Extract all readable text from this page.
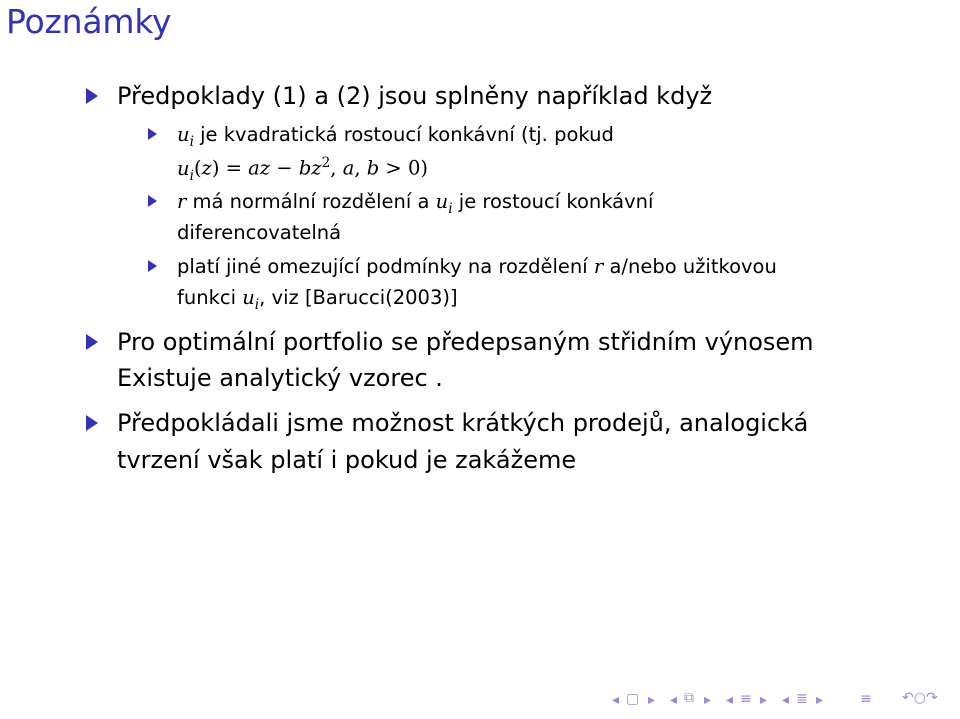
Poznámky
Předpoklady (1) a (2) jsou splněny například když
$u_i$ je kvadratická rostoucí konkávní (tj. pokud
$u_i(z)$ = az − $bz^2$, a, b > 0)
r má normální rozdělení a $u_i$ je rostoucí konkávní
diferencovatelná
platí jiné omezující podmínky na rozdělení r a/nebo užitkovou
funkci $u_i$, viz [Barucci(2003)]
Pro optimální portfolio se předepsaným střidním výnosem
Existuje analytický vzorec .
Předpokládali jsme možnost krátkých prodejů, analogická
tvrzení však platí i pokud je zakážeme
◂ ▢ ▸ ◂ ⧉ ▸ ◂ ≡ ▸ ◂ ≣ ▸	≡ ↶○↷
